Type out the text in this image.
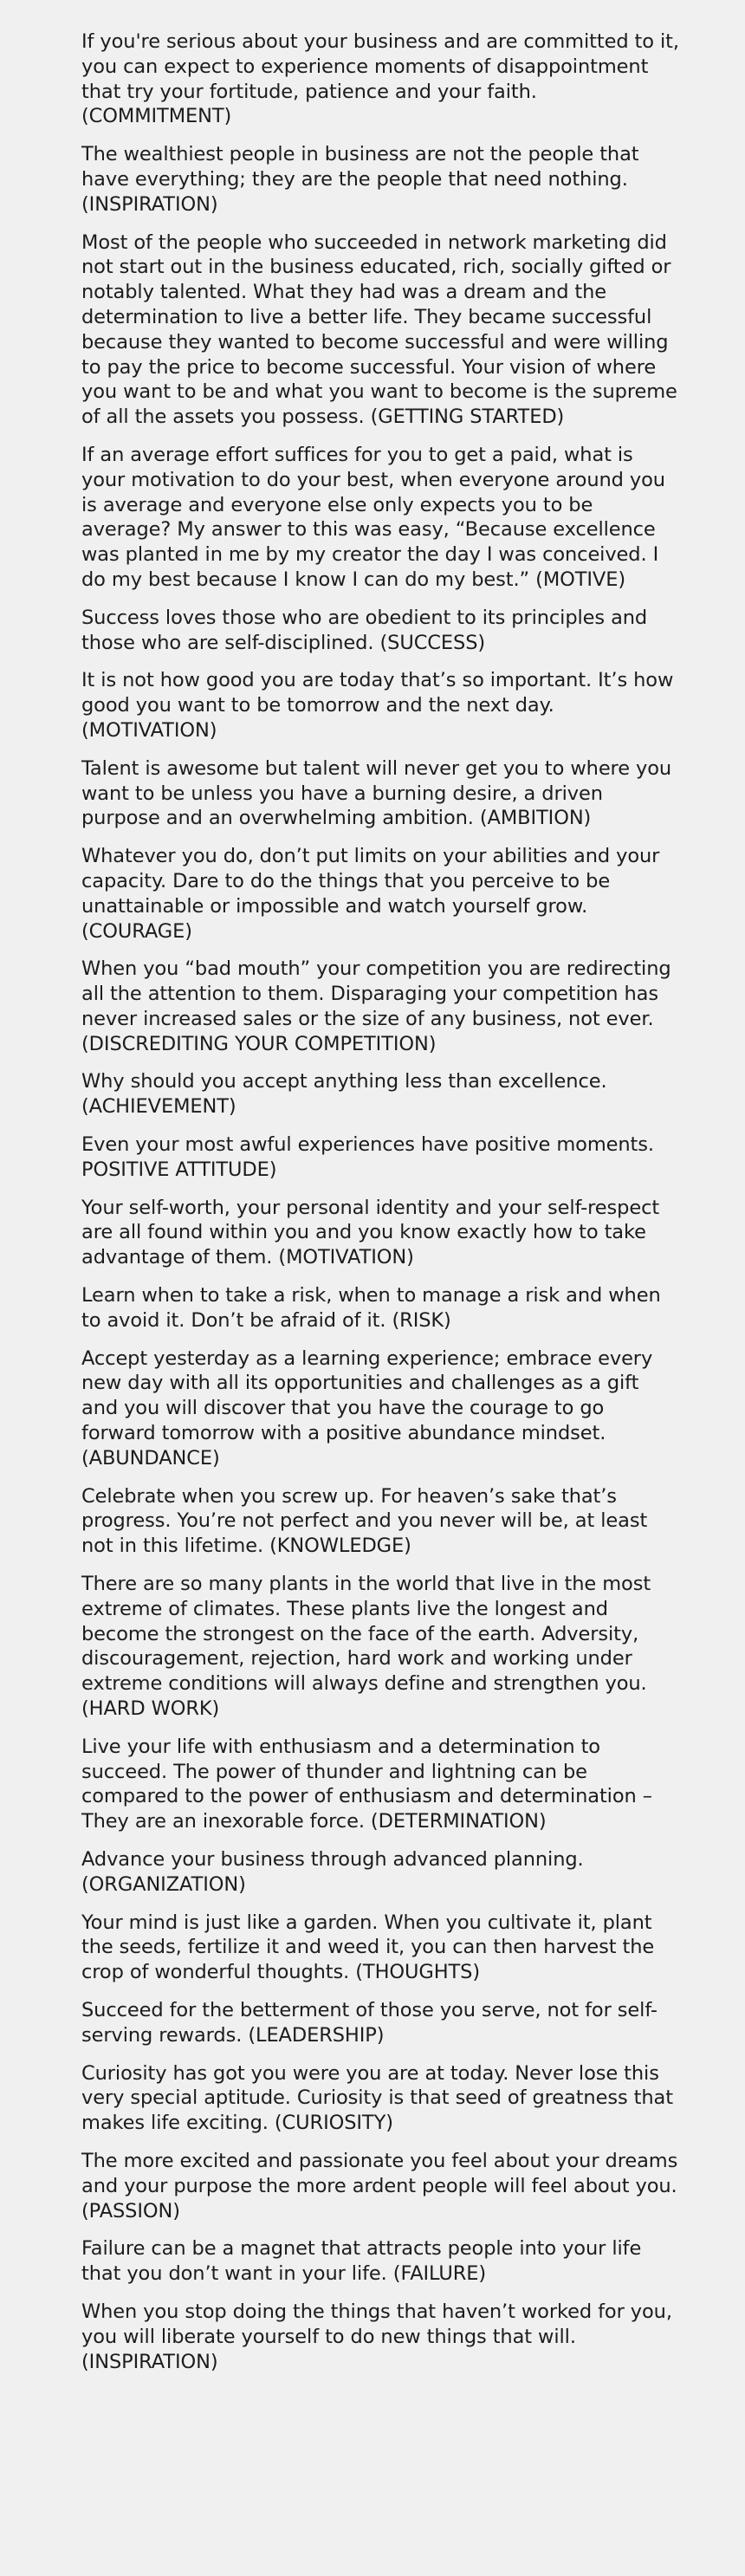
If you're serious about your business and are committed to it, you can expect to experience moments of disappointment that try your fortitude, patience and your faith. (COMMITMENT)

The wealthiest people in business are not the people that have everything; they are the people that need nothing. (INSPIRATION)

Most of the people who succeeded in network marketing did not start out in the business educated, rich, socially gifted or notably talented. What they had was a dream and the determination to live a better life. They became successful because they wanted to become successful and were willing to pay the price to become successful. Your vision of where you want to be and what you want to become is the supreme of all the assets you possess. (GETTING STARTED)

If an average effort suffices for you to get a paid, what is your motivation to do your best, when everyone around you is average and everyone else only expects you to be average? My answer to this was easy, “Because excellence was planted in me by my creator the day I was conceived. I do my best because I know I can do my best.” (MOTIVE)

Success loves those who are obedient to its principles and those who are self-disciplined. (SUCCESS)

It is not how good you are today that’s so important. It’s how good you want to be tomorrow and the next day. (MOTIVATION)

Talent is awesome but talent will never get you to where you want to be unless you have a burning desire, a driven purpose and an overwhelming ambition. (AMBITION)

Whatever you do, don’t put limits on your abilities and your capacity. Dare to do the things that you perceive to be unattainable or impossible and watch yourself grow. (COURAGE)

When you “bad mouth” your competition you are redirecting all the attention to them. Disparaging your competition has never increased sales or the size of any business, not ever. (DISCREDITING YOUR COMPETITION)

Why should you accept anything less than excellence. (ACHIEVEMENT)

Even your most awful experiences have positive moments. POSITIVE ATTITUDE)

Your self-worth, your personal identity and your self-respect are all found within you and you know exactly how to take advantage of them. (MOTIVATION)

Learn when to take a risk, when to manage a risk and when to avoid it. Don’t be afraid of it. (RISK)

Accept yesterday as a learning experience; embrace every new day with all its opportunities and challenges as a gift and you will discover that you have the courage to go forward tomorrow with a positive abundance mindset. (ABUNDANCE)

Celebrate when you screw up. For heaven’s sake that’s progress. You’re not perfect and you never will be, at least not in this lifetime. (KNOWLEDGE)

There are so many plants in the world that live in the most extreme of climates. These plants live the longest and become the strongest on the face of the earth. Adversity, discouragement, rejection, hard work and working under extreme conditions will always define and strengthen you. (HARD WORK)

Live your life with enthusiasm and a determination to succeed. The power of thunder and lightning can be compared to the power of enthusiasm and determination – They are an inexorable force. (DETERMINATION)

Advance your business through advanced planning. (ORGANIZATION)

Your mind is just like a garden. When you cultivate it, plant the seeds, fertilize it and weed it, you can then harvest the crop of wonderful thoughts. (THOUGHTS)

Succeed for the betterment of those you serve, not for self-serving rewards. (LEADERSHIP)

Curiosity has got you were you are at today. Never lose this very special aptitude. Curiosity is that seed of greatness that makes life exciting. (CURIOSITY)

The more excited and passionate you feel about your dreams and your purpose the more ardent people will feel about you. (PASSION)

Failure can be a magnet that attracts people into your life that you don’t want in your life. (FAILURE)

When you stop doing the things that haven’t worked for you, you will liberate yourself to do new things that will. (INSPIRATION)
